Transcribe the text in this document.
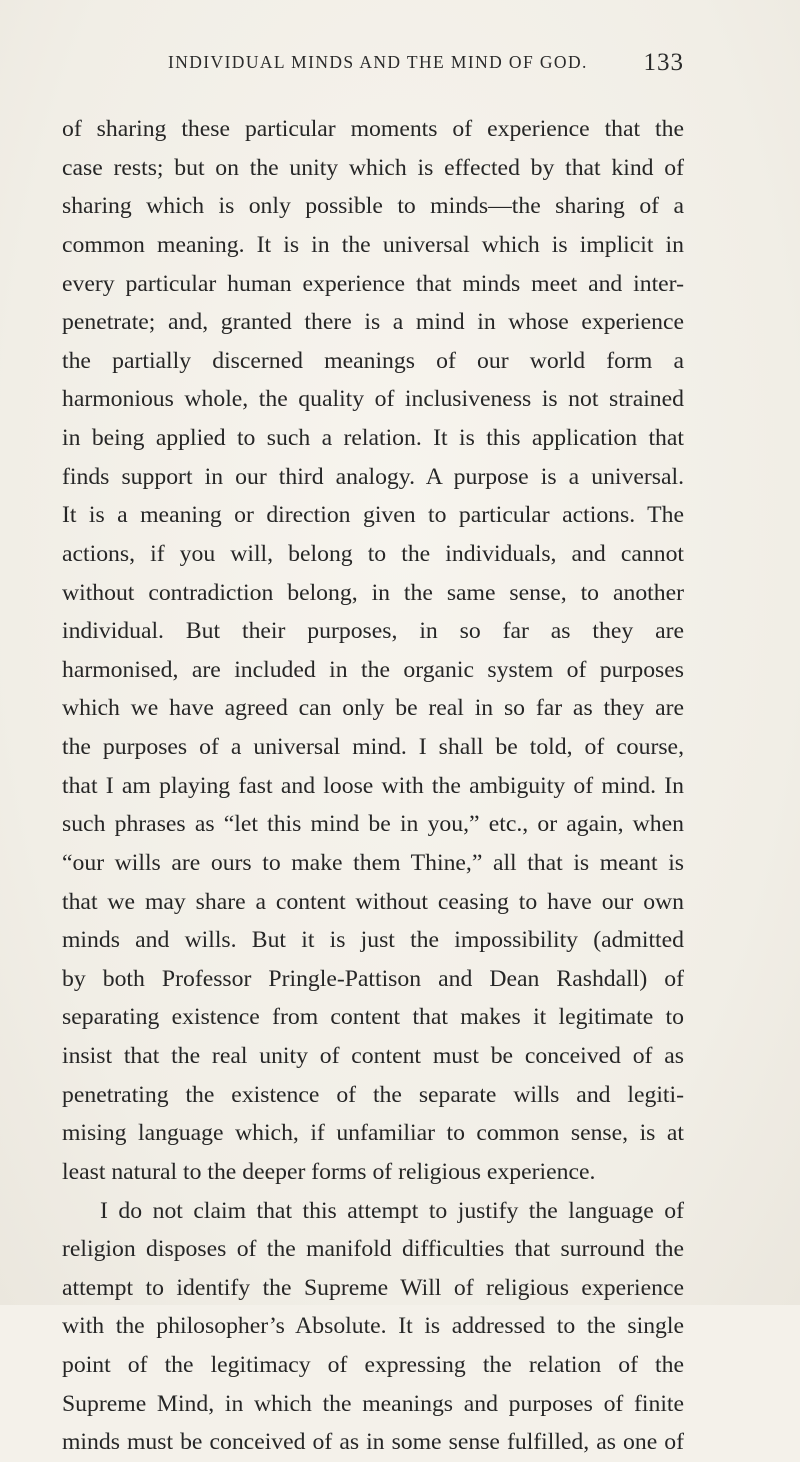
INDIVIDUAL MINDS AND THE MIND OF GOD. 133
of sharing these particular moments of experience that the
case rests; but on the unity which is effected by that kind of
sharing which is only possible to minds—the sharing of a
common meaning. It is in the universal which is implicit in
every particular human experience that minds meet and inter-
penetrate; and, granted there is a mind in whose experience
the partially discerned meanings of our world form a
harmonious whole, the quality of inclusiveness is not strained
in being applied to such a relation. It is this application that
finds support in our third analogy. A purpose is a universal.
It is a meaning or direction given to particular actions. The
actions, if you will, belong to the individuals, and cannot
without contradiction belong, in the same sense, to another
individual. But their purposes, in so far as they are
harmonised, are included in the organic system of purposes
which we have agreed can only be real in so far as they are
the purposes of a universal mind. I shall be told, of course,
that I am playing fast and loose with the ambiguity of mind. In
such phrases as “let this mind be in you,” etc., or again, when
“our wills are ours to make them Thine,” all that is meant is
that we may share a content without ceasing to have our own
minds and wills. But it is just the impossibility (admitted
by both Professor Pringle-Pattison and Dean Rashdall) of
separating existence from content that makes it legitimate to
insist that the real unity of content must be conceived of as
penetrating the existence of the separate wills and legiti-
mising language which, if unfamiliar to common sense, is at
least natural to the deeper forms of religious experience.
I do not claim that this attempt to justify the language of
religion disposes of the manifold difficulties that surround the
attempt to identify the Supreme Will of religious experience
with the philosopher’s Absolute. It is addressed to the single
point of the legitimacy of expressing the relation of the
Supreme Mind, in which the meanings and purposes of finite
minds must be conceived of as in some sense fulfilled, as one of
